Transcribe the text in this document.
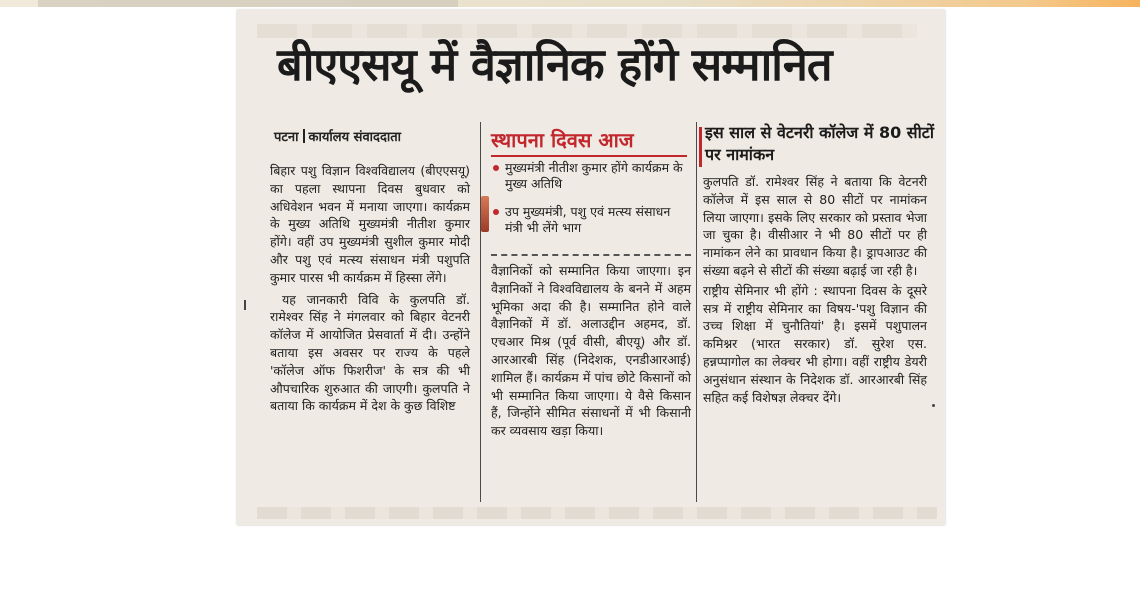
बीएएसयू में वैज्ञानिक होंगे सम्मानित
पटना कार्यालय संवाददाता

बिहार पशु विज्ञान विश्वविद्यालय (बीएएसयू) का पहला स्थापना दिवस बुधवार को अधिवेशन भवन में मनाया जाएगा। कार्यक्रम के मुख्य अतिथि मुख्यमंत्री नीतीश कुमार होंगे। वहीं उप मुख्यमंत्री सुशील कुमार मोदी और पशु एवं मत्स्य संसाधन मंत्री पशुपति कुमार पारस भी कार्यक्रम में हिस्सा लेंगे।

यह जानकारी विवि के कुलपति डॉ. रामेश्वर सिंह ने मंगलवार को बिहार वेटनरी कॉलेज में आयोजित प्रेसवार्ता में दी। उन्होंने बताया इस अवसर पर राज्य के पहले 'कॉलेज ऑफ फिशरीज' के सत्र की भी औपचारिक शुरुआत की जाएगी। कुलपति ने बताया कि कार्यक्रम में देश के कुछ विशिष्ट

स्थापना दिवस आज
मुख्यमंत्री नीतीश कुमार होंगे कार्यक्रम के मुख्य अतिथि
उप मुख्यमंत्री, पशु एवं मत्स्य संसाधन मंत्री भी लेंगे भाग

वैज्ञानिकों को सम्मानित किया जाएगा। इन वैज्ञानिकों ने विश्वविद्यालय के बनने में अहम भूमिका अदा की है। सम्मानित होने वाले वैज्ञानिकों में डॉ. अलाउद्दीन अहमद, डॉ. एचआर मिश्र (पूर्व वीसी, बीएयू) और डॉ. आरआरबी सिंह (निदेशक, एनडीआरआई) शामिल हैं। कार्यक्रम में पांच छोटे किसानों को भी सम्मानित किया जाएगा। ये वैसे किसान हैं, जिन्होंने सीमित संसाधनों में भी किसानी कर व्यवसाय खड़ा किया।

इस साल से वेटनरी कॉलेज में 80 सीटों पर नामांकन

कुलपति डॉ. रामेश्वर सिंह ने बताया कि वेटनरी कॉलेज में इस साल से 80 सीटों पर नामांकन लिया जाएगा। इसके लिए सरकार को प्रस्ताव भेजा जा चुका है। वीसीआर ने भी 80 सीटों पर ही नामांकन लेने का प्रावधान किया है। ड्रापआउट की संख्या बढ़ने से सीटों की संख्या बढ़ाई जा रही है।

राष्ट्रीय सेमिनार भी होंगे : स्थापना दिवस के दूसरे सत्र में राष्ट्रीय सेमिनार का विषय-'पशु विज्ञान की उच्च शिक्षा में चुनौतियां' है। इसमें पशुपालन कमिश्नर (भारत सरकार) डॉ. सुरेश एस. हन्नप्पागोल का लेक्चर भी होगा। वहीं राष्ट्रीय डेयरी अनुसंधान संस्थान के निदेशक डॉ. आरआरबी सिंह सहित कई विशेषज्ञ लेक्चर देंगे।
